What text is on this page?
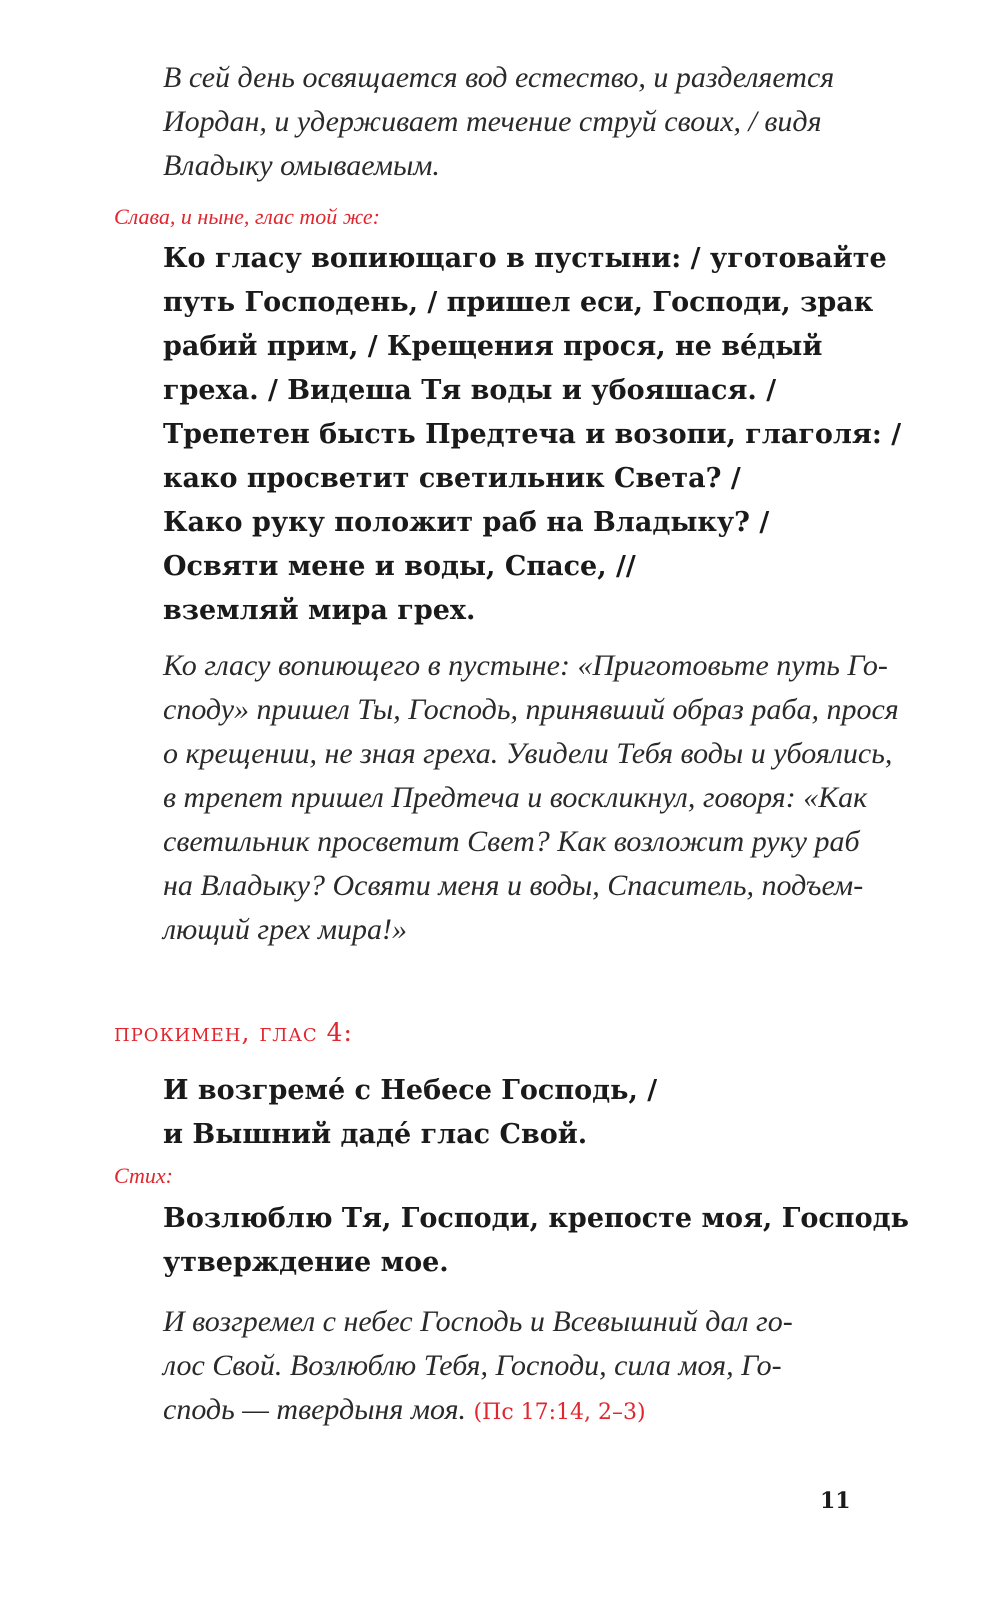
В сей день освящается вод естество, и разделяется
Иордан, и удерживает течение струй своих, / видя
Владыку омываемым.

Слава, и ныне, глас той же:

Ко гласу вопиющаго в пустыни: / уготовайте
путь Господень, / пришел еси, Господи, зрак
рабий прим, / Крещения прося, не ве́дый
греха. / Видеша Тя воды и убояшася. /
Трепетен бысть Предтеча и возопи, глаголя: /
како просветит светильник Света? /
Како руку положит раб на Владыку? /
Освяти мене и воды, Спасе, //
вземляй мира грех.

Ко гласу вопиющего в пустыне: «Приготовьте путь Го-
споду» пришел Ты, Господь, принявший образ раба, прося
о крещении, не зная греха. Увидели Тебя воды и убоялись,
в трепет пришел Предтеча и воскликнул, говоря: «Как
светильник просветит Свет? Как возложит руку раб
на Владыку? Освяти меня и воды, Спаситель, подъем-
лющий грех мира!»

прокимен, глас 4:

И возгреме́ с Небесе Господь, /
и Вышний даде́ глас Свой.

Стих:

Возлюблю Тя, Господи, крепосте моя, Господь
утверждение мое.

И возгремел с небес Господь и Всевышний дал го-
лос Свой. Возлюблю Тебя, Господи, сила моя, Го-
сподь — твердыня моя. (Пс 17:14, 2–3)

11
